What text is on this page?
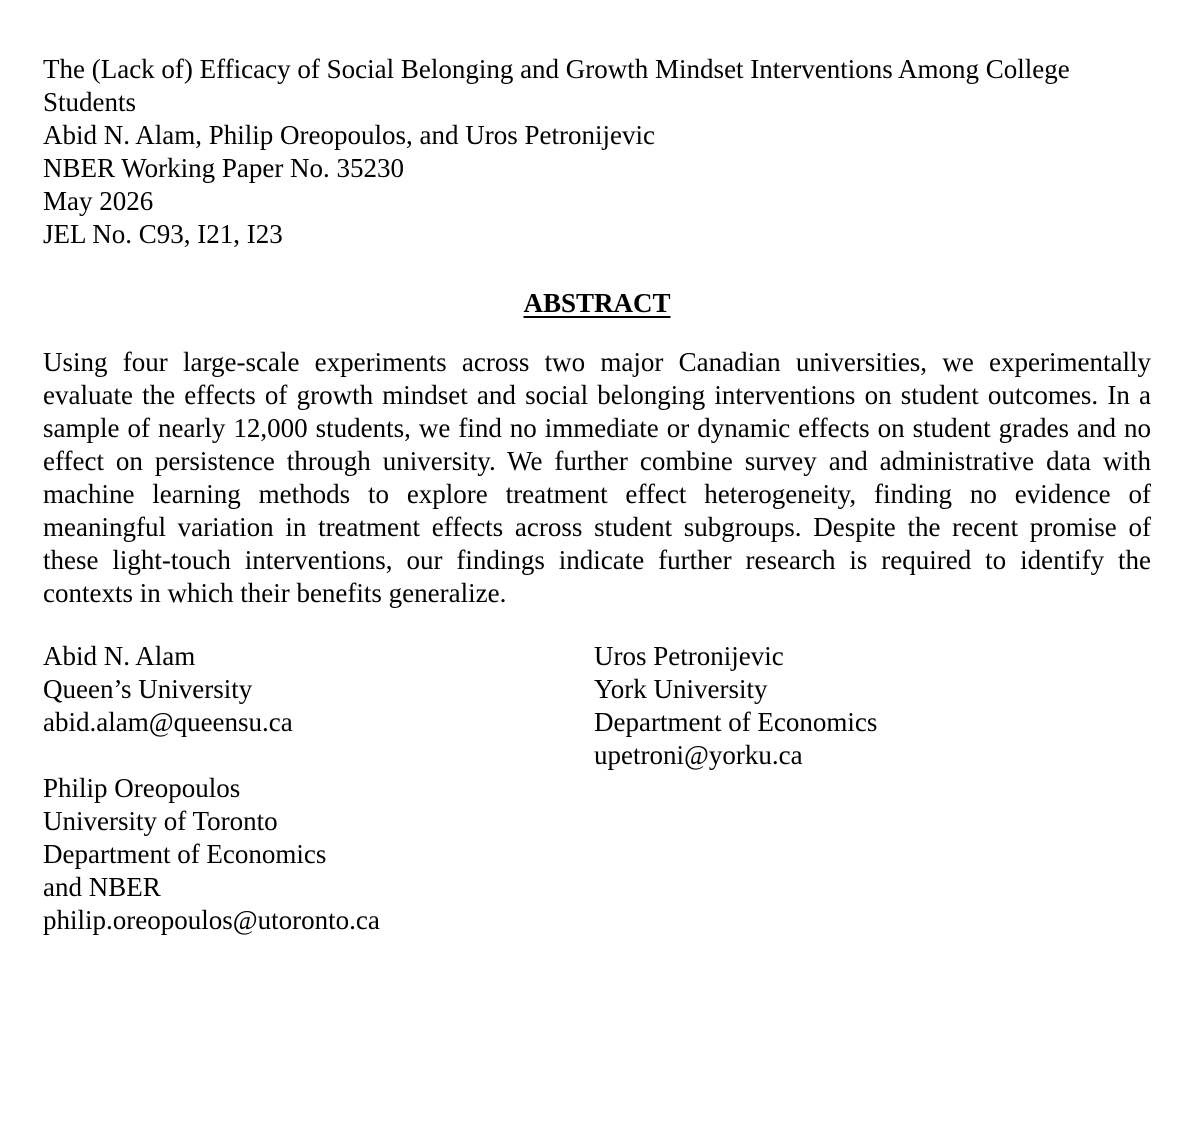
The (Lack of) Efficacy of Social Belonging and Growth Mindset Interventions Among College Students
Abid N. Alam, Philip Oreopoulos, and Uros Petronijevic
NBER Working Paper No. 35230
May 2026
JEL No. C93, I21, I23
ABSTRACT
Using four large-scale experiments across two major Canadian universities, we experimentally evaluate the effects of growth mindset and social belonging interventions on student outcomes. In a sample of nearly 12,000 students, we find no immediate or dynamic effects on student grades and no effect on persistence through university. We further combine survey and administrative data with machine learning methods to explore treatment effect heterogeneity, finding no evidence of meaningful variation in treatment effects across student subgroups. Despite the recent promise of these light-touch interventions, our findings indicate further research is required to identify the contexts in which their benefits generalize.
Abid N. Alam
Queen’s University
abid.alam@queensu.ca
Philip Oreopoulos
University of Toronto
Department of Economics
and NBER
philip.oreopoulos@utoronto.ca
Uros Petronijevic
York University
Department of Economics
upetroni@yorku.ca
